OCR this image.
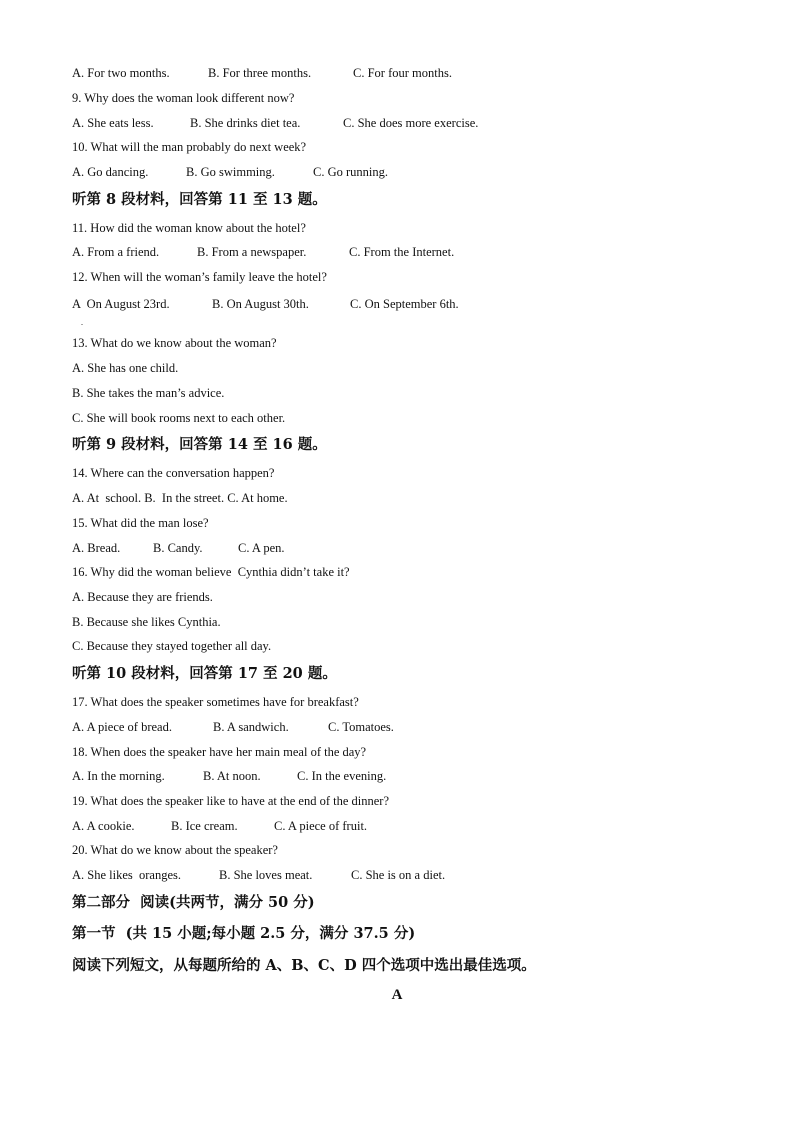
A. For two months.

	B. For three months.

	C. For four months.

9. Why does the woman look different now?

A. She eats less.

	B. She drinks diet tea.

	C. She does more exercise.

10. What will the man probably do next week?

A. Go dancing.

	B. Go swimming.

	C. Go running.

听第 8 段材料，回答第 11 至 13 题。
11. How did the woman know about the hotel?

A. From a friend.

	B. From a newspaper.

	C. From the Internet.

12. When will the woman’s family leave the hotel?

A  On August 23rd.

	B. On August 30th.

	C. On September 6th.

.
13. What do we know about the woman?
A. She has one child.
B. She takes the man’s advice.
C. She will book rooms next to each other.
听第 9 段材料，回答第 14 至 16 题。
14. Where can the conversation happen?
A. At  school. B.  In the street. C. At home.
15. What did the man lose?

A. Bread.

	B. Candy.

	C. A pen.

16. Why did the woman believe  Cynthia didn’t take it?
A. Because they are friends.
B. Because she likes Cynthia.
C. Because they stayed together all day.
听第 10 段材料，回答第 17 至 20 题。
17. What does the speaker sometimes have for breakfast?

A. A piece of bread.

	B. A sandwich.

	C. Tomatoes.

18. When does the speaker have her main meal of the day?

A. In the morning.

	B. At noon.

	C. In the evening.

19. What does the speaker like to have at the end of the dinner?

A. A cookie.

	B. Ice cream.

	C. A piece of fruit.

20. What do we know about the speaker?

A. She likes  oranges.

	B. She loves meat.

	C. She is on a diet.

第二部分  阅读(共两节，满分 50 分)
第一节  (共 15 小题;每小题 2.5 分，满分 37.5 分)
阅读下列短文，从每题所给的 A、B、C、D 四个选项中选出最佳选项。
A
